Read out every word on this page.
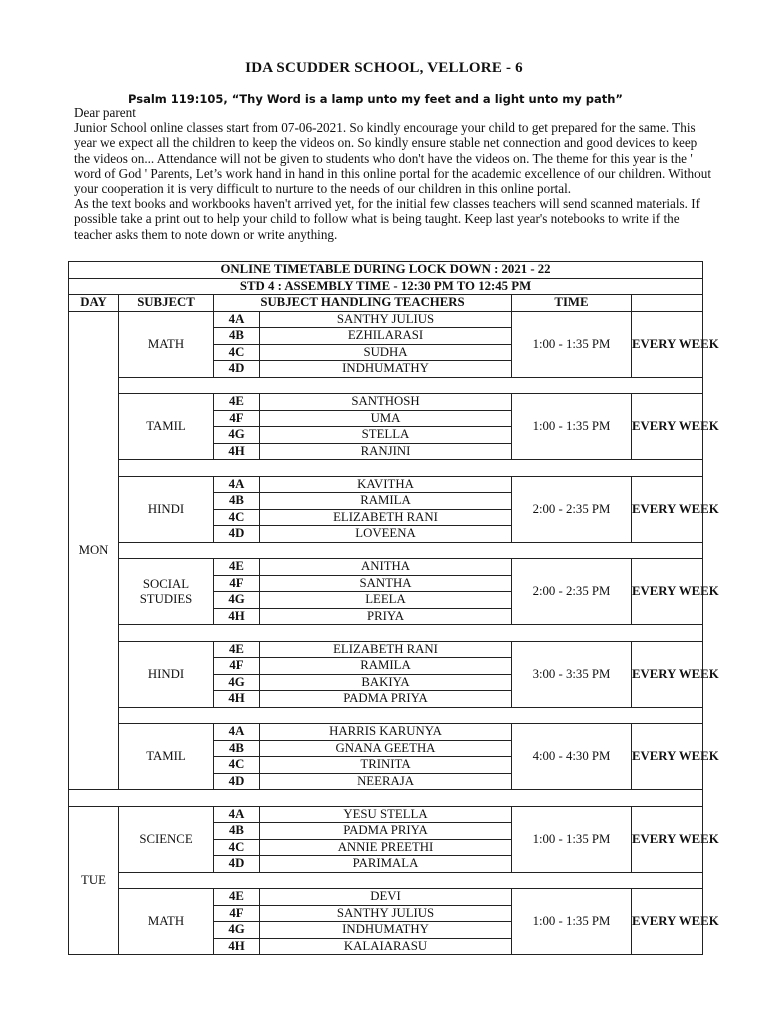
IDA SCUDDER SCHOOL, VELLORE - 6
Psalm 119:105, “Thy Word is a lamp unto my feet and a light unto my path”

Dear parent

Junior School online classes start from 07-06-2021. So kindly encourage your child to get prepared for the same. This year we expect all the children to keep the videos on. So kindly ensure stable net connection and good devices to keep the videos on... Attendance will not be given to students who don't have the videos on. The theme for this year is the ' word of God ' Parents, Let’s work hand in hand in this online portal for the academic excellence of our children. Without your cooperation it is very difficult to nurture to the needs of our children in this online portal.

As the text books and workbooks haven't arrived yet, for the initial few classes teachers will send scanned materials. If possible take a print out to help your child to follow what is being taught. Keep last year's notebooks to write if the teacher asks them to note down or write anything.

ONLINE TIMETABLE DURING LOCK DOWN : 2021 - 22					
STD 4 : ASSEMBLY TIME - 12:30 PM TO 12:45 PM					
DAY	SUBJECT	SUBJECT HANDLING TEACHERS		TIME	
MON	MATH	4A	SANTHY JULIUS	1:00 - 1:35 PM	EVERY WEEK
		4B	EZHILARASI		
		4C	SUDHA		
		4D	INDHUMATHY		

	TAMIL	4E	SANTHOSH	1:00 - 1:35 PM	EVERY WEEK
		4F	UMA		
		4G	STELLA		
		4H	RANJINI		

	HINDI	4A	KAVITHA	2:00 - 2:35 PM	EVERY WEEK
		4B	RAMILA		
		4C	ELIZABETH RANI		
		4D	LOVEENA		

	SOCIAL STUDIES	4E	ANITHA	2:00 - 2:35 PM	EVERY WEEK
		4F	SANTHA		
		4G	LEELA		
		4H	PRIYA		

	HINDI	4E	ELIZABETH RANI	3:00 - 3:35 PM	EVERY WEEK
		4F	RAMILA		
		4G	BAKIYA		
		4H	PADMA PRIYA		

	TAMIL	4A	HARRIS KARUNYA	4:00 - 4:30 PM	EVERY WEEK
		4B	GNANA GEETHA		
		4C	TRINITA		
		4D	NEERAJA		

TUE	SCIENCE	4A	YESU STELLA	1:00 - 1:35 PM	EVERY WEEK
		4B	PADMA PRIYA		
		4C	ANNIE PREETHI		
		4D	PARIMALA		

	MATH	4E	DEVI	1:00 - 1:35 PM	EVERY WEEK
		4F	SANTHY JULIUS		
		4G	INDHUMATHY		
		4H	KALAIARASU		
